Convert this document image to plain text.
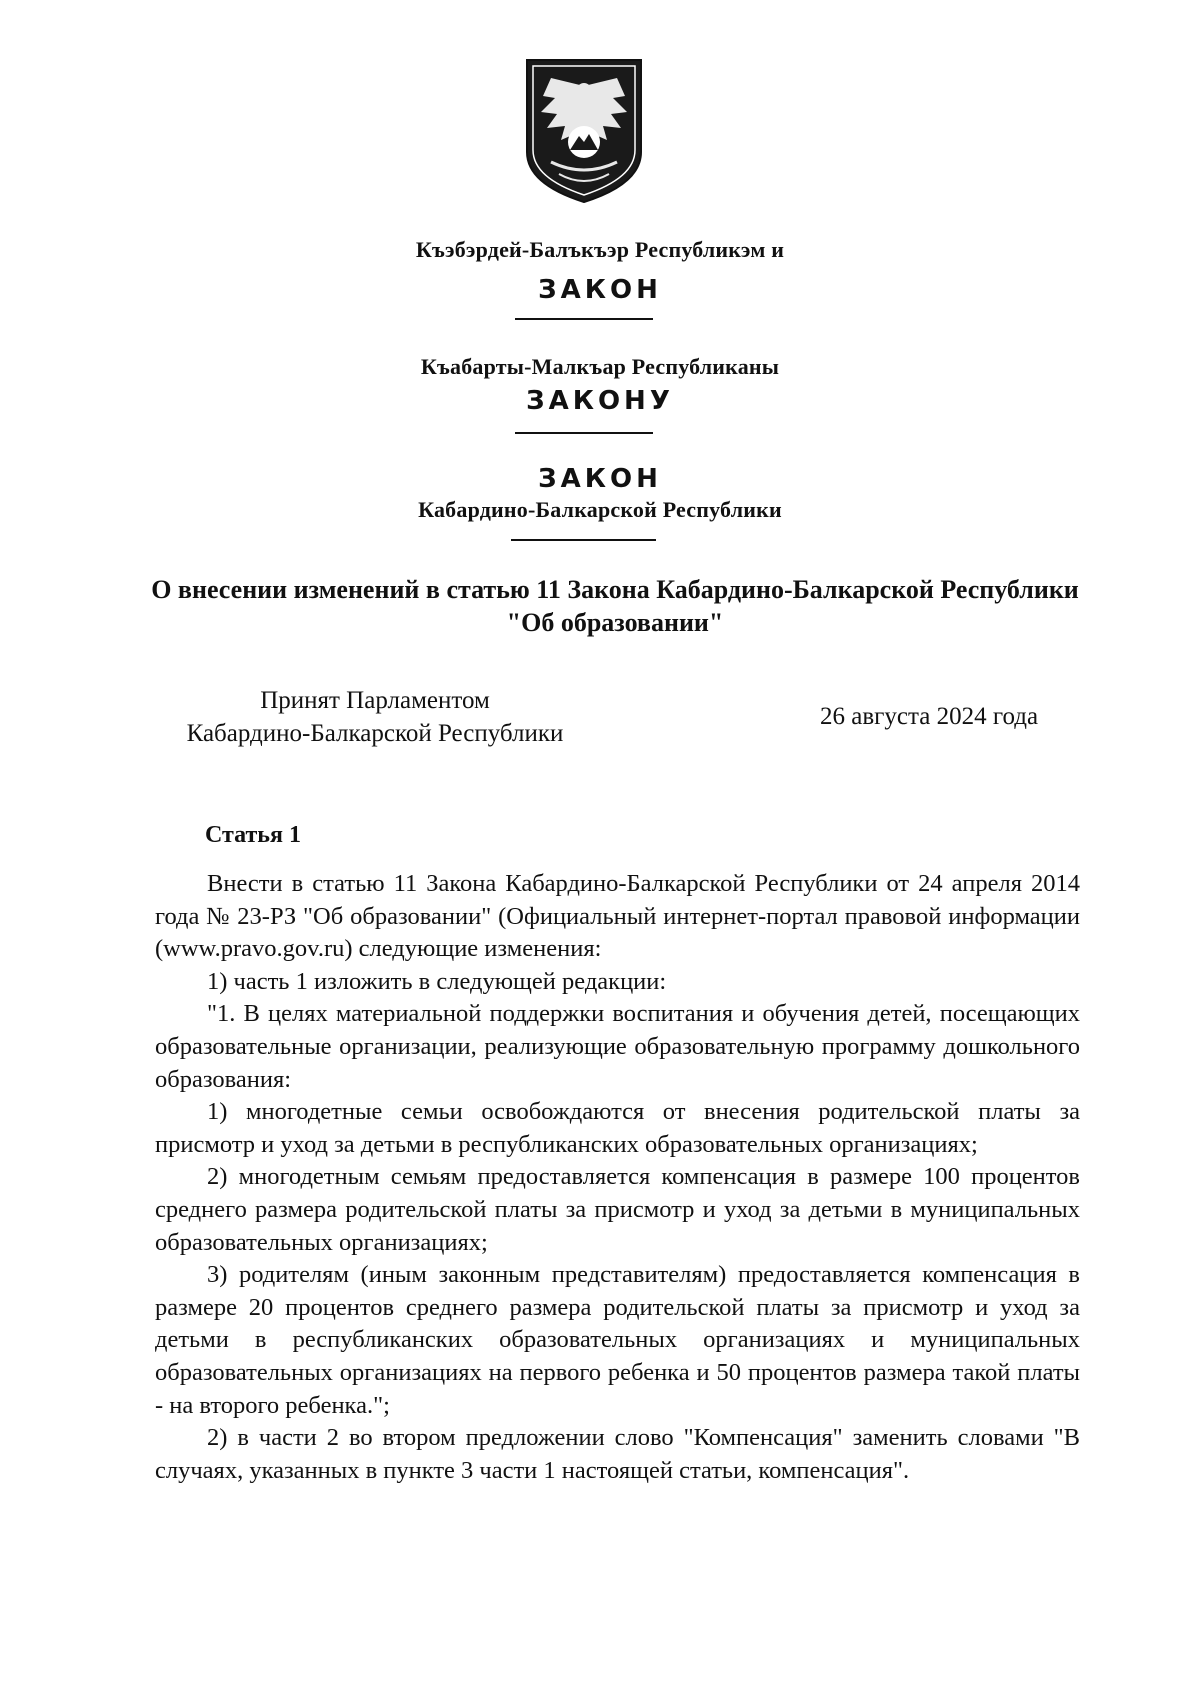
Къэбэрдей-Балъкъэр Республикэм и
ЗАКОН
Къабарты-Малкъар Республиканы
ЗАКОНУ
ЗАКОН
Кабардино-Балкарской Республики
О внесении изменений в статью 11 Закона Кабардино-Балкарской Республики "Об образовании"
Принят Парламентом
Кабардино-Балкарской Республики
26 августа 2024 года
Статья 1

Внести в статью 11 Закона Кабардино-Балкарской Республики от 24 апреля 2014 года № 23-РЗ "Об образовании" (Официальный интернет-портал правовой информации (www.pravo.gov.ru) следующие изменения:

1) часть 1 изложить в следующей редакции:

"1. В целях материальной поддержки воспитания и обучения детей, посещающих образовательные организации, реализующие образовательную программу дошкольного образования:

1) многодетные семьи освобождаются от внесения родительской платы за присмотр и уход за детьми в республиканских образовательных организациях;

2) многодетным семьям предоставляется компенсация в размере 100 процентов среднего размера родительской платы за присмотр и уход за детьми в муниципальных образовательных организациях;

3) родителям (иным законным представителям) предоставляется компенсация в размере 20 процентов среднего размера родительской платы за присмотр и уход за детьми в республиканских образовательных организациях и муниципальных образовательных организациях на первого ребенка и 50 процентов размера такой платы - на второго ребенка.";

2) в части 2 во втором предложении слово "Компенсация" заменить словами "В случаях, указанных в пункте 3 части 1 настоящей статьи, компенсация".
